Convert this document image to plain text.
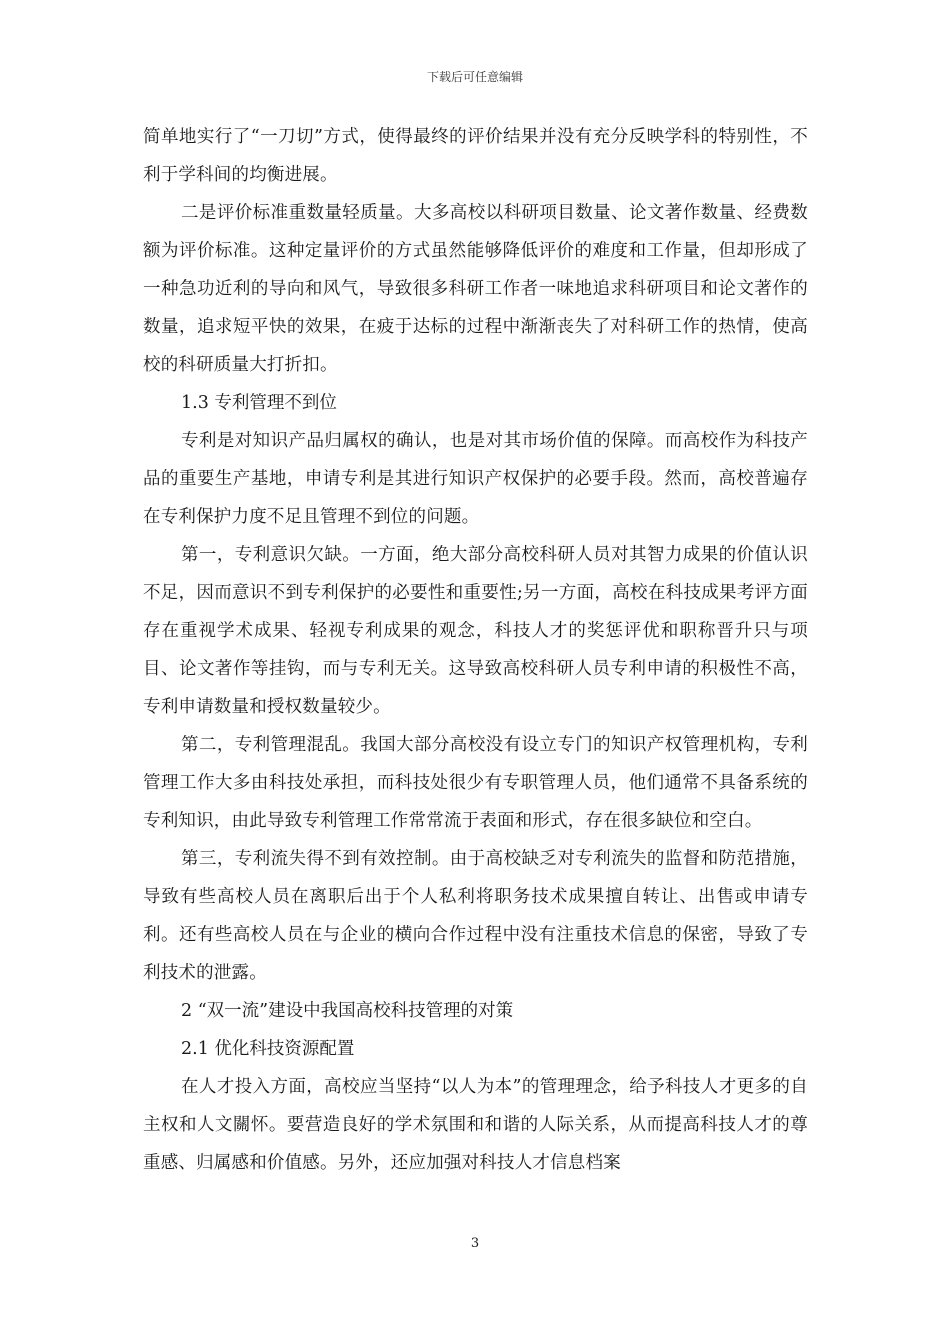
下载后可任意编辑

简单地实行了“一刀切”方式，使得最终的评价结果并没有充分反映学科的特别性，不利于学科间的均衡进展。

二是评价标准重数量轻质量。大多高校以科研项目数量、论文著作数量、经费数额为评价标准。这种定量评价的方式虽然能够降低评价的难度和工作量，但却形成了一种急功近利的导向和风气，导致很多科研工作者一味地追求科研项目和论文著作的数量，追求短平快的效果，在疲于达标的过程中渐渐丧失了对科研工作的热情，使高校的科研质量大打折扣。

1.3 专利管理不到位

专利是对知识产品归属权的确认，也是对其市场价值的保障。而高校作为科技产品的重要生产基地，申请专利是其进行知识产权保护的必要手段。然而，高校普遍存在专利保护力度不足且管理不到位的问题。

第一，专利意识欠缺。一方面，绝大部分高校科研人员对其智力成果的价值认识不足，因而意识不到专利保护的必要性和重要性;另一方面，高校在科技成果考评方面存在重视学术成果、轻视专利成果的观念，科技人才的奖惩评优和职称晋升只与项目、论文著作等挂钩，而与专利无关。这导致高校科研人员专利申请的积极性不高，专利申请数量和授权数量较少。

第二，专利管理混乱。我国大部分高校没有设立专门的知识产权管理机构，专利管理工作大多由科技处承担，而科技处很少有专职管理人员，他们通常不具备系统的专利知识，由此导致专利管理工作常常流于表面和形式，存在很多缺位和空白。

第三，专利流失得不到有效控制。由于高校缺乏对专利流失的监督和防范措施，导致有些高校人员在离职后出于个人私利将职务技术成果擅自转让、出售或申请专利。还有些高校人员在与企业的横向合作过程中没有注重技术信息的保密，导致了专利技术的泄露。

2 “双一流”建设中我国高校科技管理的对策

2.1 优化科技资源配置

在人才投入方面，高校应当坚持“以人为本”的管理理念，给予科技人才更多的自主权和人文關怀。要营造良好的学术氛围和和谐的人际关系，从而提高科技人才的尊重感、归属感和价值感。另外，还应加强对科技人才信息档案

3
